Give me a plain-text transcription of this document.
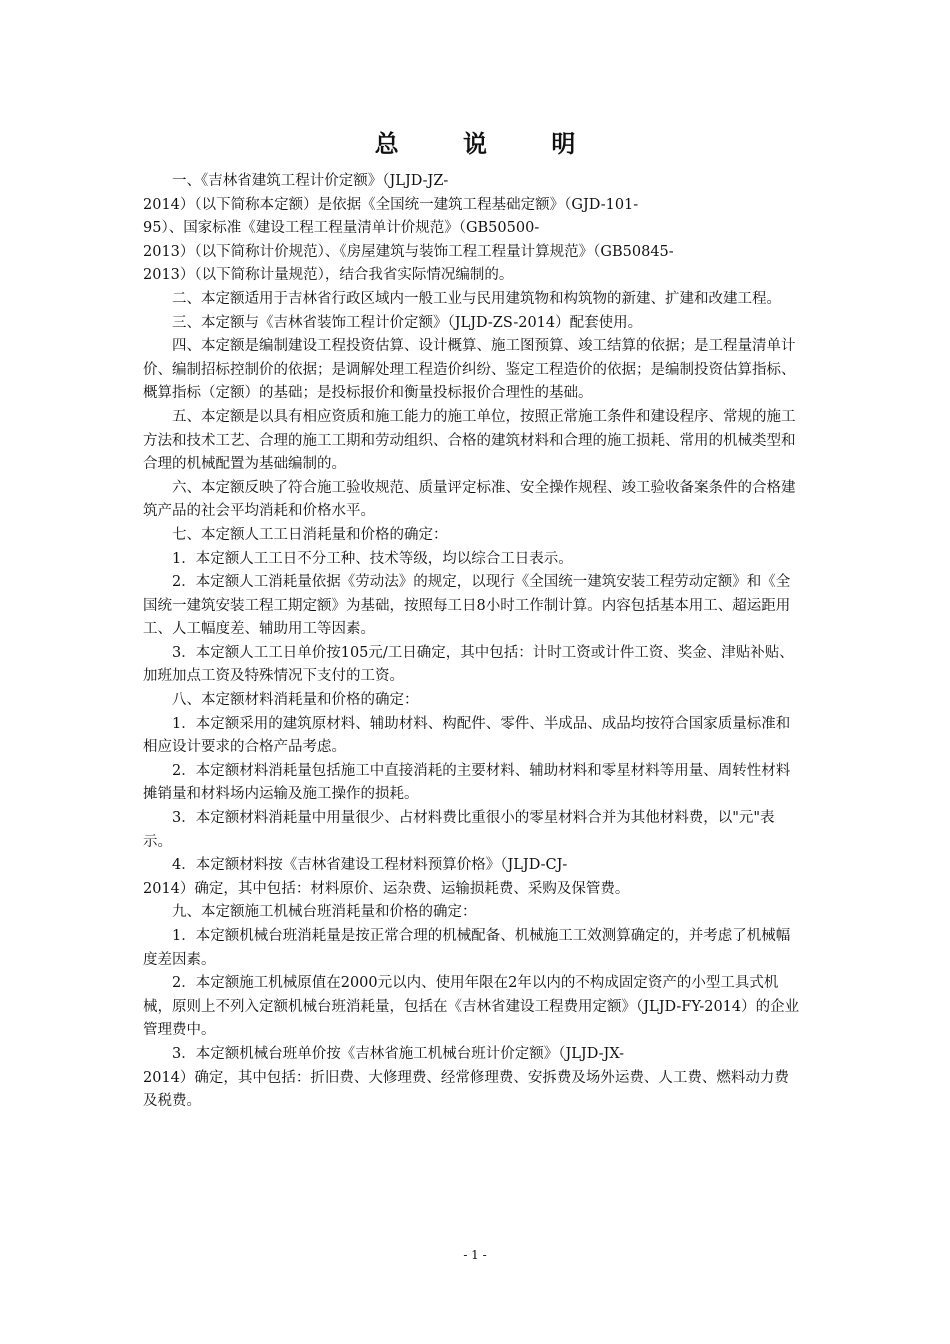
总 说 明

一、《吉林省建筑工程计价定额》（JLJD-JZ-

2014）（以下简称本定额）是依据《全国统一建筑工程基础定额》（GJD-101-

95）、国家标准《建设工程工程量清单计价规范》（GB50500-

2013）（以下简称计价规范）、《房屋建筑与装饰工程工程量计算规范》（GB50845-

2013）（以下简称计量规范），结合我省实际情况编制的。

二、本定额适用于吉林省行政区域内一般工业与民用建筑物和构筑物的新建、扩建和改建工程。

三、本定额与《吉林省装饰工程计价定额》（JLJD-ZS-2014）配套使用。

四、本定额是编制建设工程投资估算、设计概算、施工图预算、竣工结算的依据；是工程量清单计价、编制招标控制价的依据；是调解处理工程造价纠纷、鉴定工程造价的依据；是编制投资估算指标、概算指标（定额）的基础；是投标报价和衡量投标报价合理性的基础。

五、本定额是以具有相应资质和施工能力的施工单位，按照正常施工条件和建设程序、常规的施工方法和技术工艺、合理的施工工期和劳动组织、合格的建筑材料和合理的施工损耗、常用的机械类型和合理的机械配置为基础编制的。

六、本定额反映了符合施工验收规范、质量评定标准、安全操作规程、竣工验收备案条件的合格建筑产品的社会平均消耗和价格水平。

七、本定额人工工日消耗量和价格的确定：

1．本定额人工工日不分工种、技术等级，均以综合工日表示。

2．本定额人工消耗量依据《劳动法》的规定，以现行《全国统一建筑安装工程劳动定额》和《全国统一建筑安装工程工期定额》为基础，按照每工日8小时工作制计算。内容包括基本用工、超运距用工、人工幅度差、辅助用工等因素。

3．本定额人工工日单价按105元/工日确定，其中包括：计时工资或计件工资、奖金、津贴补贴、加班加点工资及特殊情况下支付的工资。

八、本定额材料消耗量和价格的确定：

1．本定额采用的建筑原材料、辅助材料、构配件、零件、半成品、成品均按符合国家质量标准和相应设计要求的合格产品考虑。

2．本定额材料消耗量包括施工中直接消耗的主要材料、辅助材料和零星材料等用量、周转性材料摊销量和材料场内运输及施工操作的损耗。

3．本定额材料消耗量中用量很少、占材料费比重很小的零星材料合并为其他材料费，以"元"表示。

4．本定额材料按《吉林省建设工程材料预算价格》（JLJD-CJ-

2014）确定，其中包括：材料原价、运杂费、运输损耗费、采购及保管费。

九、本定额施工机械台班消耗量和价格的确定：

1．本定额机械台班消耗量是按正常合理的机械配备、机械施工工效测算确定的，并考虑了机械幅度差因素。

2．本定额施工机械原值在2000元以内、使用年限在2年以内的不构成固定资产的小型工具式机械，原则上不列入定额机械台班消耗量，包括在《吉林省建设工程费用定额》（JLJD-FY-2014）的企业管理费中。

3．本定额机械台班单价按《吉林省施工机械台班计价定额》（JLJD-JX-

2014）确定，其中包括：折旧费、大修理费、经常修理费、安拆费及场外运费、人工费、燃料动力费及税费。

- 1 -
